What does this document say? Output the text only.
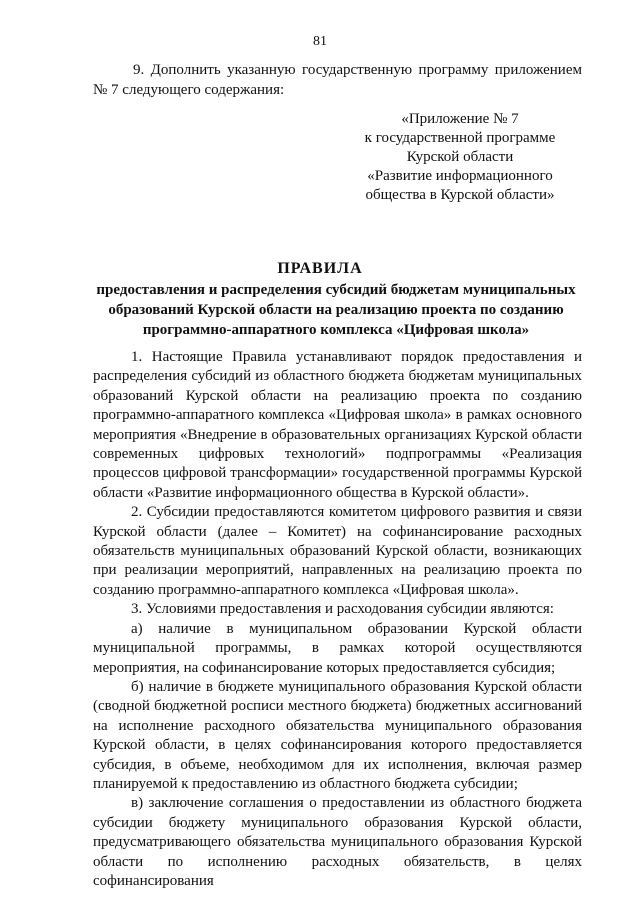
81

9. Дополнить указанную государственную программу приложением № 7 следующего содержания:

«Приложение № 7
к государственной программе
Курской области
«Развитие информационного
общества в Курской области»
ПРАВИЛА
предоставления и распределения субсидий бюджетам муниципальных
образований Курской области на реализацию проекта по созданию
программно-аппаратного комплекса «Цифровая школа»

1. Настоящие Правила устанавливают порядок предоставления и распределения субсидий из областного бюджета бюджетам муниципальных образований Курской области на реализацию проекта по созданию программно-аппаратного комплекса «Цифровая школа» в рамках основного мероприятия «Внедрение в образовательных организациях Курской области современных цифровых технологий» подпрограммы «Реализация процессов цифровой трансформации» государственной программы Курской области «Развитие информационного общества в Курской области».

2. Субсидии предоставляются комитетом цифрового развития и связи Курской области (далее – Комитет) на софинансирование расходных обязательств муниципальных образований Курской области, возникающих при реализации мероприятий, направленных на реализацию проекта по созданию программно-аппаратного комплекса «Цифровая школа».

3. Условиями предоставления и расходования субсидии являются:

а) наличие в муниципальном образовании Курской области муниципальной программы, в рамках которой осуществляются мероприятия, на софинансирование которых предоставляется субсидия;

б) наличие в бюджете муниципального образования Курской области (сводной бюджетной росписи местного бюджета) бюджетных ассигнований на исполнение расходного обязательства муниципального образования Курской области, в целях софинансирования которого предоставляется субсидия, в объеме, необходимом для их исполнения, включая размер планируемой к предоставлению из областного бюджета субсидии;

в) заключение соглашения о предоставлении из областного бюджета субсидии бюджету муниципального образования Курской области, предусматривающего обязательства муниципального образования Курской области по исполнению расходных обязательств, в целях софинансирования
